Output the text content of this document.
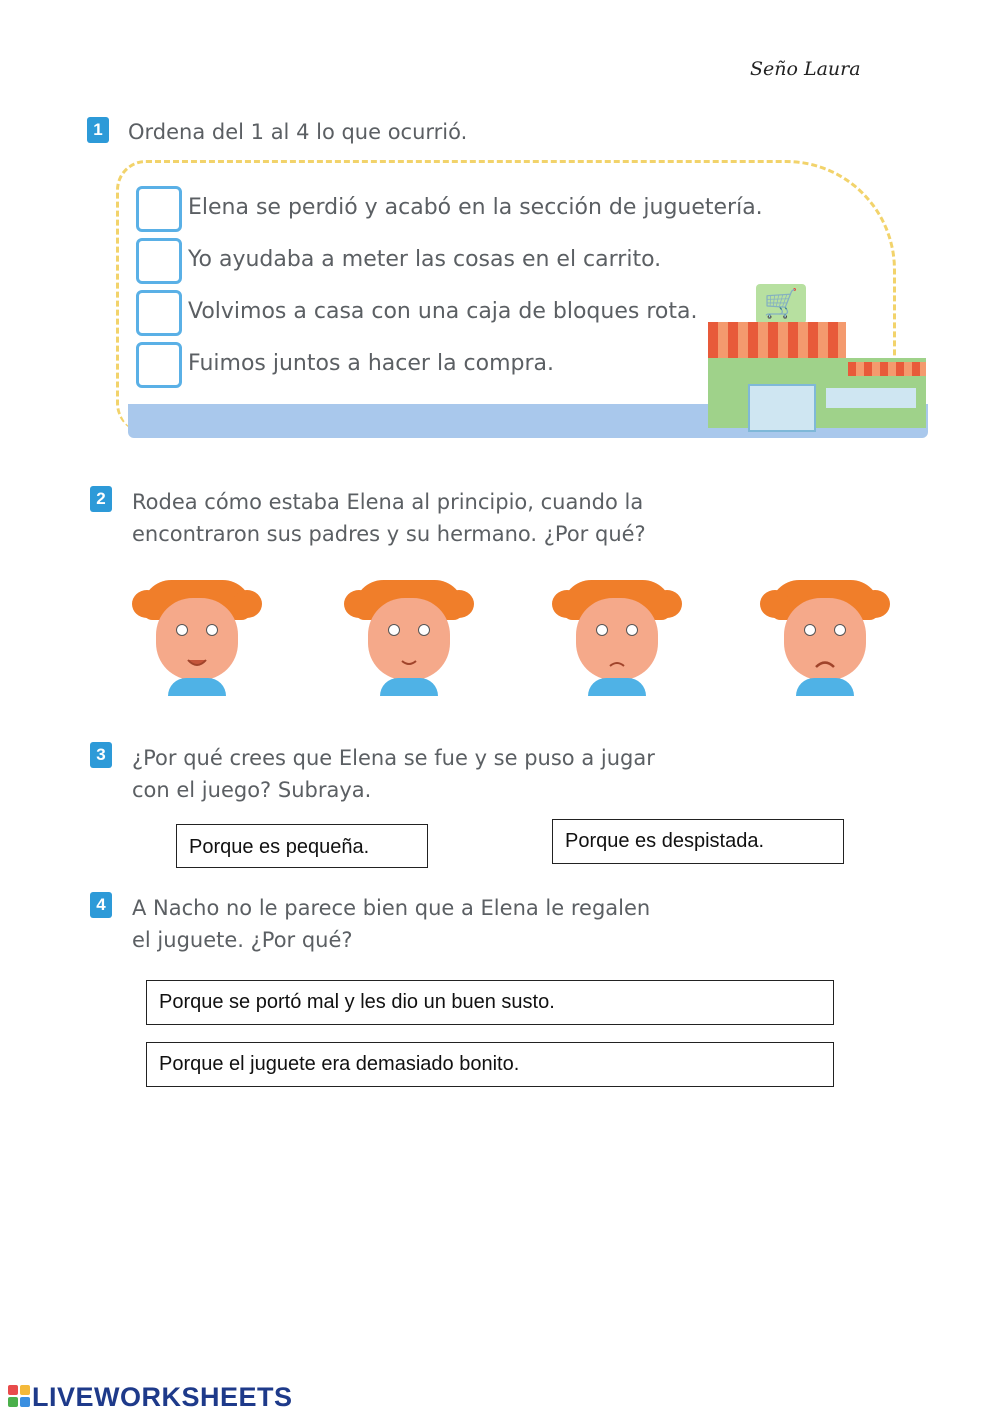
Seño Laura
1 Ordena del 1 al 4 lo que ocurrió.
Elena se perdió y acabó en la sección de juguetería.
Yo ayudaba a meter las cosas en el carrito.
Volvimos a casa con una caja de bloques rota.
Fuimos juntos a hacer la compra.
🛒
2 Rodea cómo estaba Elena al principio, cuando la
encontraron sus padres y su hermano. ¿Por qué?
3 ¿Por qué crees que Elena se fue y se puso a jugar
con el juego? Subraya.
Porque es pequeña.	Porque es despistada.
4 A Nacho no le parece bien que a Elena le regalen
el juguete. ¿Por qué?
Porque se portó mal y les dio un buen susto.
Porque el juguete era demasiado bonito.
LIVEWORKSHEETS
